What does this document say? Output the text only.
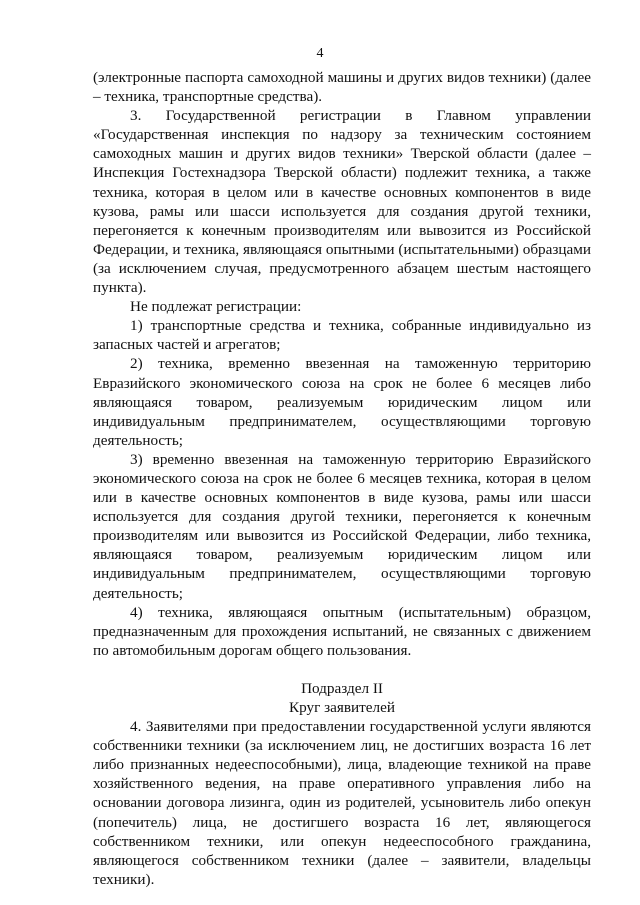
4

(электронные паспорта самоходной машины и других видов техники) (далее – техника, транспортные средства).

3. Государственной регистрации в Главном управлении «Государственная инспекция по надзору за техническим состоянием самоходных машин и других видов техники» Тверской области (далее – Инспекция Гостехнадзора Тверской области) подлежит техника, а также техника, которая в целом или в качестве основных компонентов в виде кузова, рамы или шасси используется для создания другой техники, перегоняется к конечным производителям или вывозится из Российской Федерации, и техника, являющаяся опытными (испытательными) образцами (за исключением случая, предусмотренного абзацем шестым настоящего пункта).

Не подлежат регистрации:

1) транспортные средства и техника, собранные индивидуально из запасных частей и агрегатов;

2) техника, временно ввезенная на таможенную территорию Евразийского экономического союза на срок не более 6 месяцев либо являющаяся товаром, реализуемым юридическим лицом или индивидуальным предпринимателем, осуществляющими торговую деятельность;

3) временно ввезенная на таможенную территорию Евразийского экономического союза на срок не более 6 месяцев техника, которая в целом или в качестве основных компонентов в виде кузова, рамы или шасси используется для создания другой техники, перегоняется к конечным производителям или вывозится из Российской Федерации, либо техника, являющаяся товаром, реализуемым юридическим лицом или индивидуальным предпринимателем, осуществляющими торговую деятельность;

4) техника, являющаяся опытным (испытательным) образцом, предназначенным для прохождения испытаний, не связанных с движением по автомобильным дорогам общего пользования.

Подраздел II
Круг заявителей

4. Заявителями при предоставлении государственной услуги являются собственники техники (за исключением лиц, не достигших возраста 16 лет либо признанных недееспособными), лица, владеющие техникой на праве хозяйственного ведения, на праве оперативного управления либо на основании договора лизинга, один из родителей, усыновитель либо опекун (попечитель) лица, не достигшего возраста 16 лет, являющегося собственником техники, или опекун недееспособного гражданина, являющегося собственником техники (далее – заявители, владельцы техники).
